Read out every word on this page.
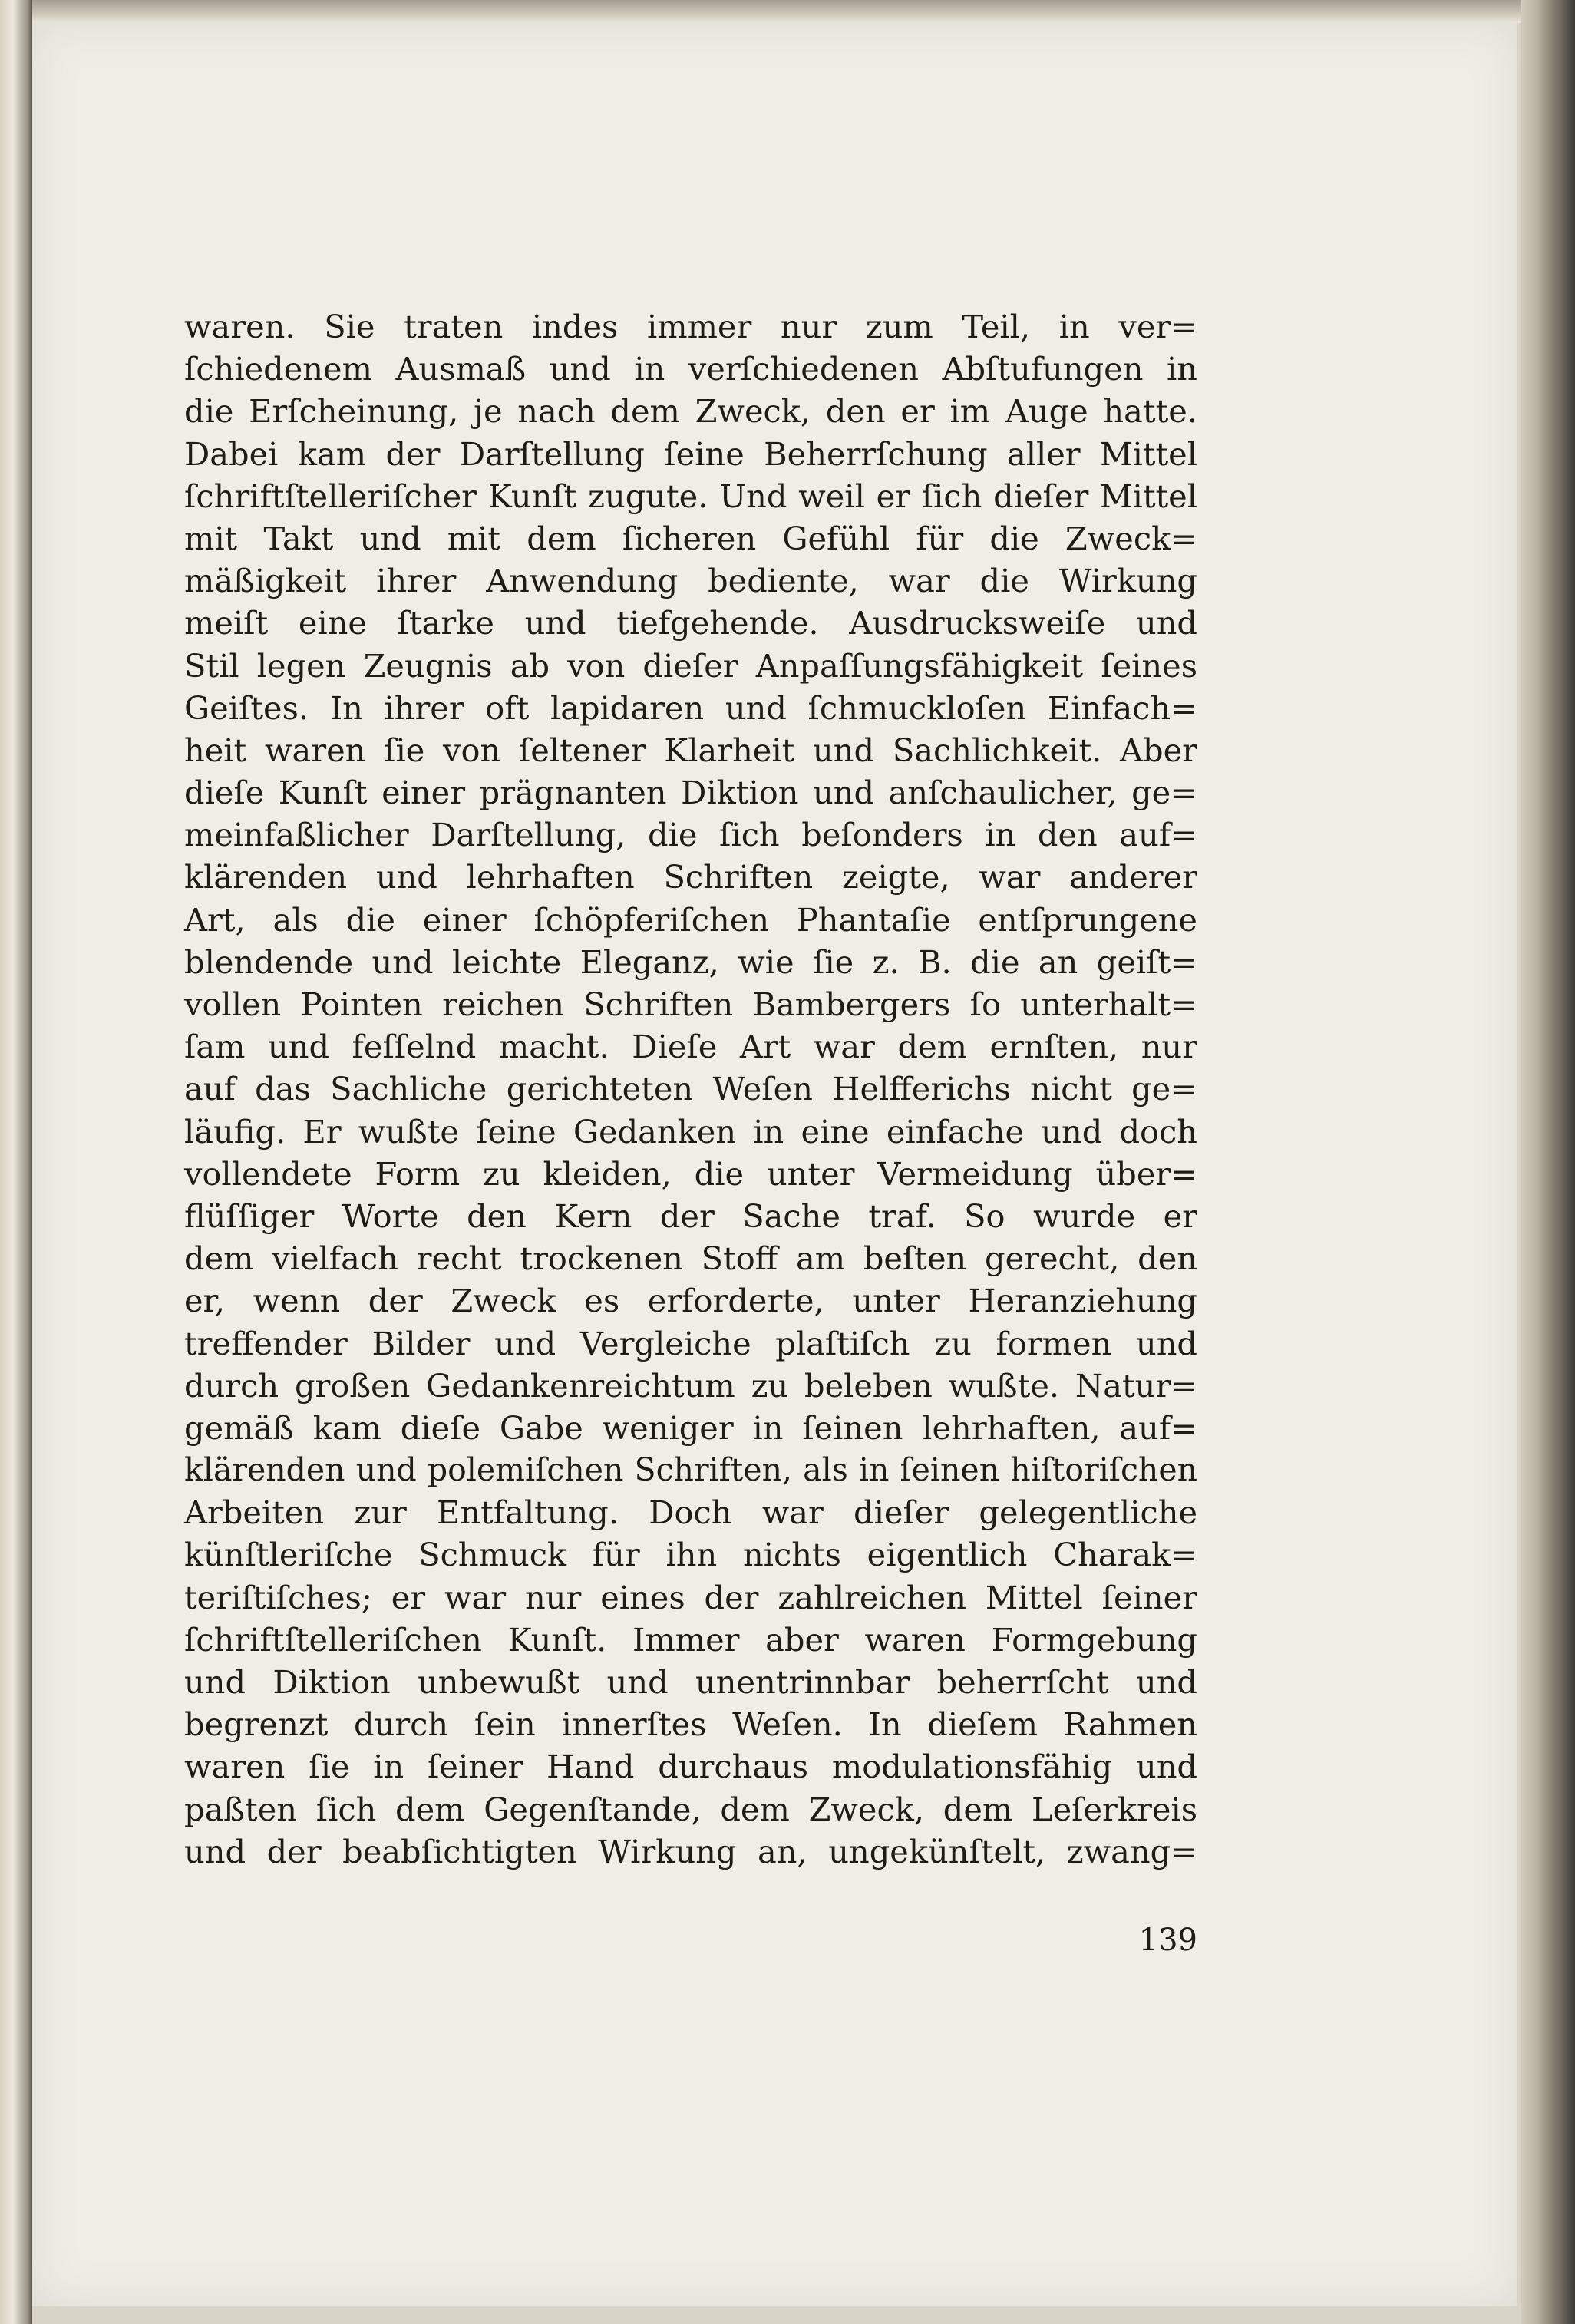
waren. Sie traten indes immer nur zum Teil, in ver=
ſchiedenem Ausmaß und in verſchiedenen Abſtufungen in
die Erſcheinung, je nach dem Zweck, den er im Auge hatte.
Dabei kam der Darſtellung ſeine Beherrſchung aller Mittel
ſchriftſtelleriſcher Kunſt zugute. Und weil er ſich dieſer Mittel
mit Takt und mit dem ſicheren Gefühl für die Zweck=
mäßigkeit ihrer Anwendung bediente, war die Wirkung
meiſt eine ſtarke und tiefgehende. Ausdrucksweiſe und
Stil legen Zeugnis ab von dieſer Anpaſſungsfähigkeit ſeines
Geiſtes. In ihrer oft lapidaren und ſchmuckloſen Einfach=
heit waren ſie von ſeltener Klarheit und Sachlichkeit. Aber
dieſe Kunſt einer prägnanten Diktion und anſchaulicher, ge=
meinfaßlicher Darſtellung, die ſich beſonders in den auf=
klärenden und lehrhaften Schriften zeigte, war anderer
Art, als die einer ſchöpferiſchen Phantaſie entſprungene
blendende und leichte Eleganz, wie ſie z. B. die an geiſt=
vollen Pointen reichen Schriften Bambergers ſo unterhalt=
ſam und feſſelnd macht. Dieſe Art war dem ernſten, nur
auf das Sachliche gerichteten Weſen Helfferichs nicht ge=
läufig. Er wußte ſeine Gedanken in eine einfache und doch
vollendete Form zu kleiden, die unter Vermeidung über=
flüſſiger Worte den Kern der Sache traf. So wurde er
dem vielfach recht trockenen Stoff am beſten gerecht, den
er, wenn der Zweck es erforderte, unter Heranziehung
treffender Bilder und Vergleiche plaſtiſch zu formen und
durch großen Gedankenreichtum zu beleben wußte. Natur=
gemäß kam dieſe Gabe weniger in ſeinen lehrhaften, auf=
klärenden und polemiſchen Schriften, als in ſeinen hiſtoriſchen
Arbeiten zur Entfaltung. Doch war dieſer gelegentliche
künſtleriſche Schmuck für ihn nichts eigentlich Charak=
teriſtiſches; er war nur eines der zahlreichen Mittel ſeiner
ſchriftſtelleriſchen Kunſt. Immer aber waren Formgebung
und Diktion unbewußt und unentrinnbar beherrſcht und
begrenzt durch ſein innerſtes Weſen. In dieſem Rahmen
waren ſie in ſeiner Hand durchaus modulationsfähig und
paßten ſich dem Gegenſtande, dem Zweck, dem Leſerkreis
und der beabſichtigten Wirkung an, ungekünſtelt, zwang=
139
